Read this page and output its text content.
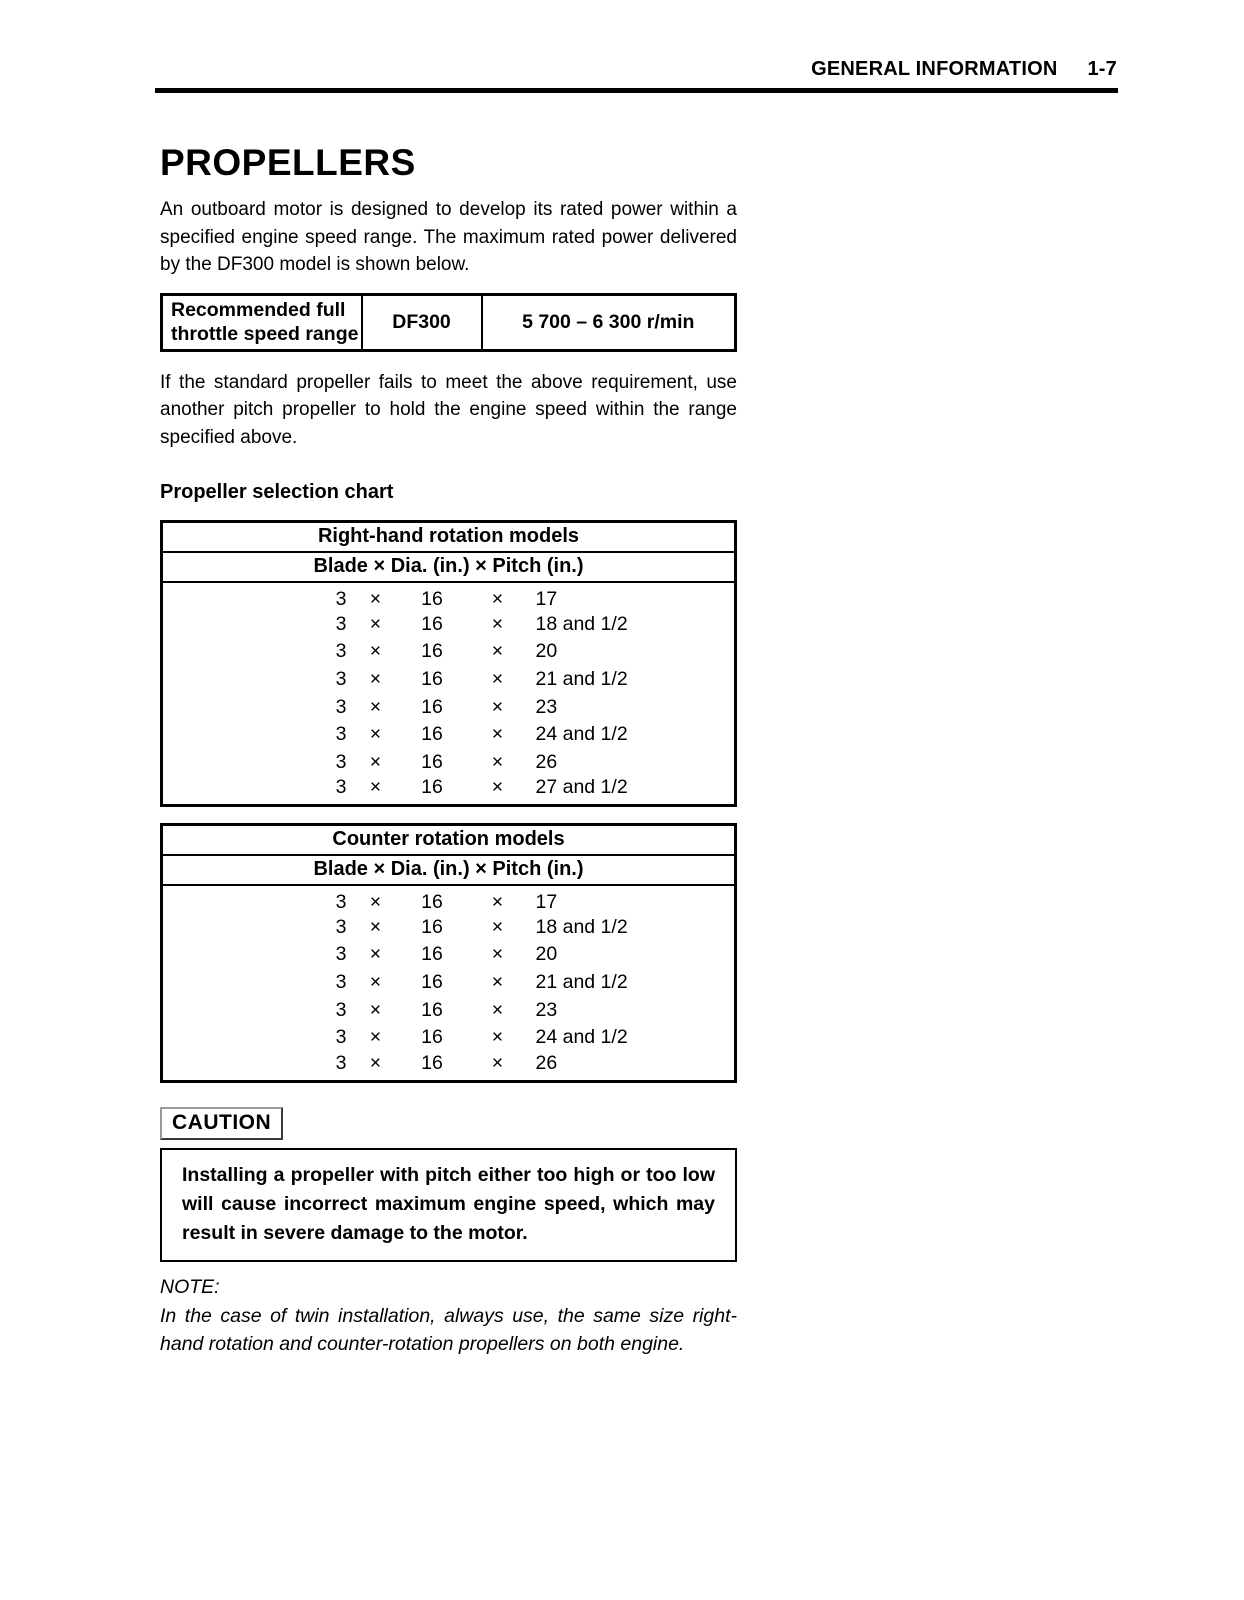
GENERAL INFORMATION 1-7
PROPELLERS

An outboard motor is designed to develop its rated power within a specified engine speed range. The maximum rated power delivered by the DF300 model is shown below.

Recommended full throttle speed range	DF300	5 700 – 6 300 r/min

If the standard propeller fails to meet the above requirement, use another pitch propeller to hold the engine speed within the range specified above.

Propeller selection chart
Right-hand rotation models				
Blade × Dia. (in.) × Pitch (in.)				
3	×	16	×	17
3	×	16	×	18 and 1/2
3	×	16	×	20
3	×	16	×	21 and 1/2
3	×	16	×	23
3	×	16	×	24 and 1/2
3	×	16	×	26
3	×	16	×	27 and 1/2
Counter rotation models				
Blade × Dia. (in.) × Pitch (in.)				
3	×	16	×	17
3	×	16	×	18 and 1/2
3	×	16	×	20
3	×	16	×	21 and 1/2
3	×	16	×	23
3	×	16	×	24 and 1/2
3	×	16	×	26
CAUTION

Installing a propeller with pitch either too high or too low will cause incorrect maximum engine speed, which may result in severe damage to the motor.

NOTE:

In the case of twin installation, always use, the same size right-hand rotation and counter-rotation propellers on both engine.
